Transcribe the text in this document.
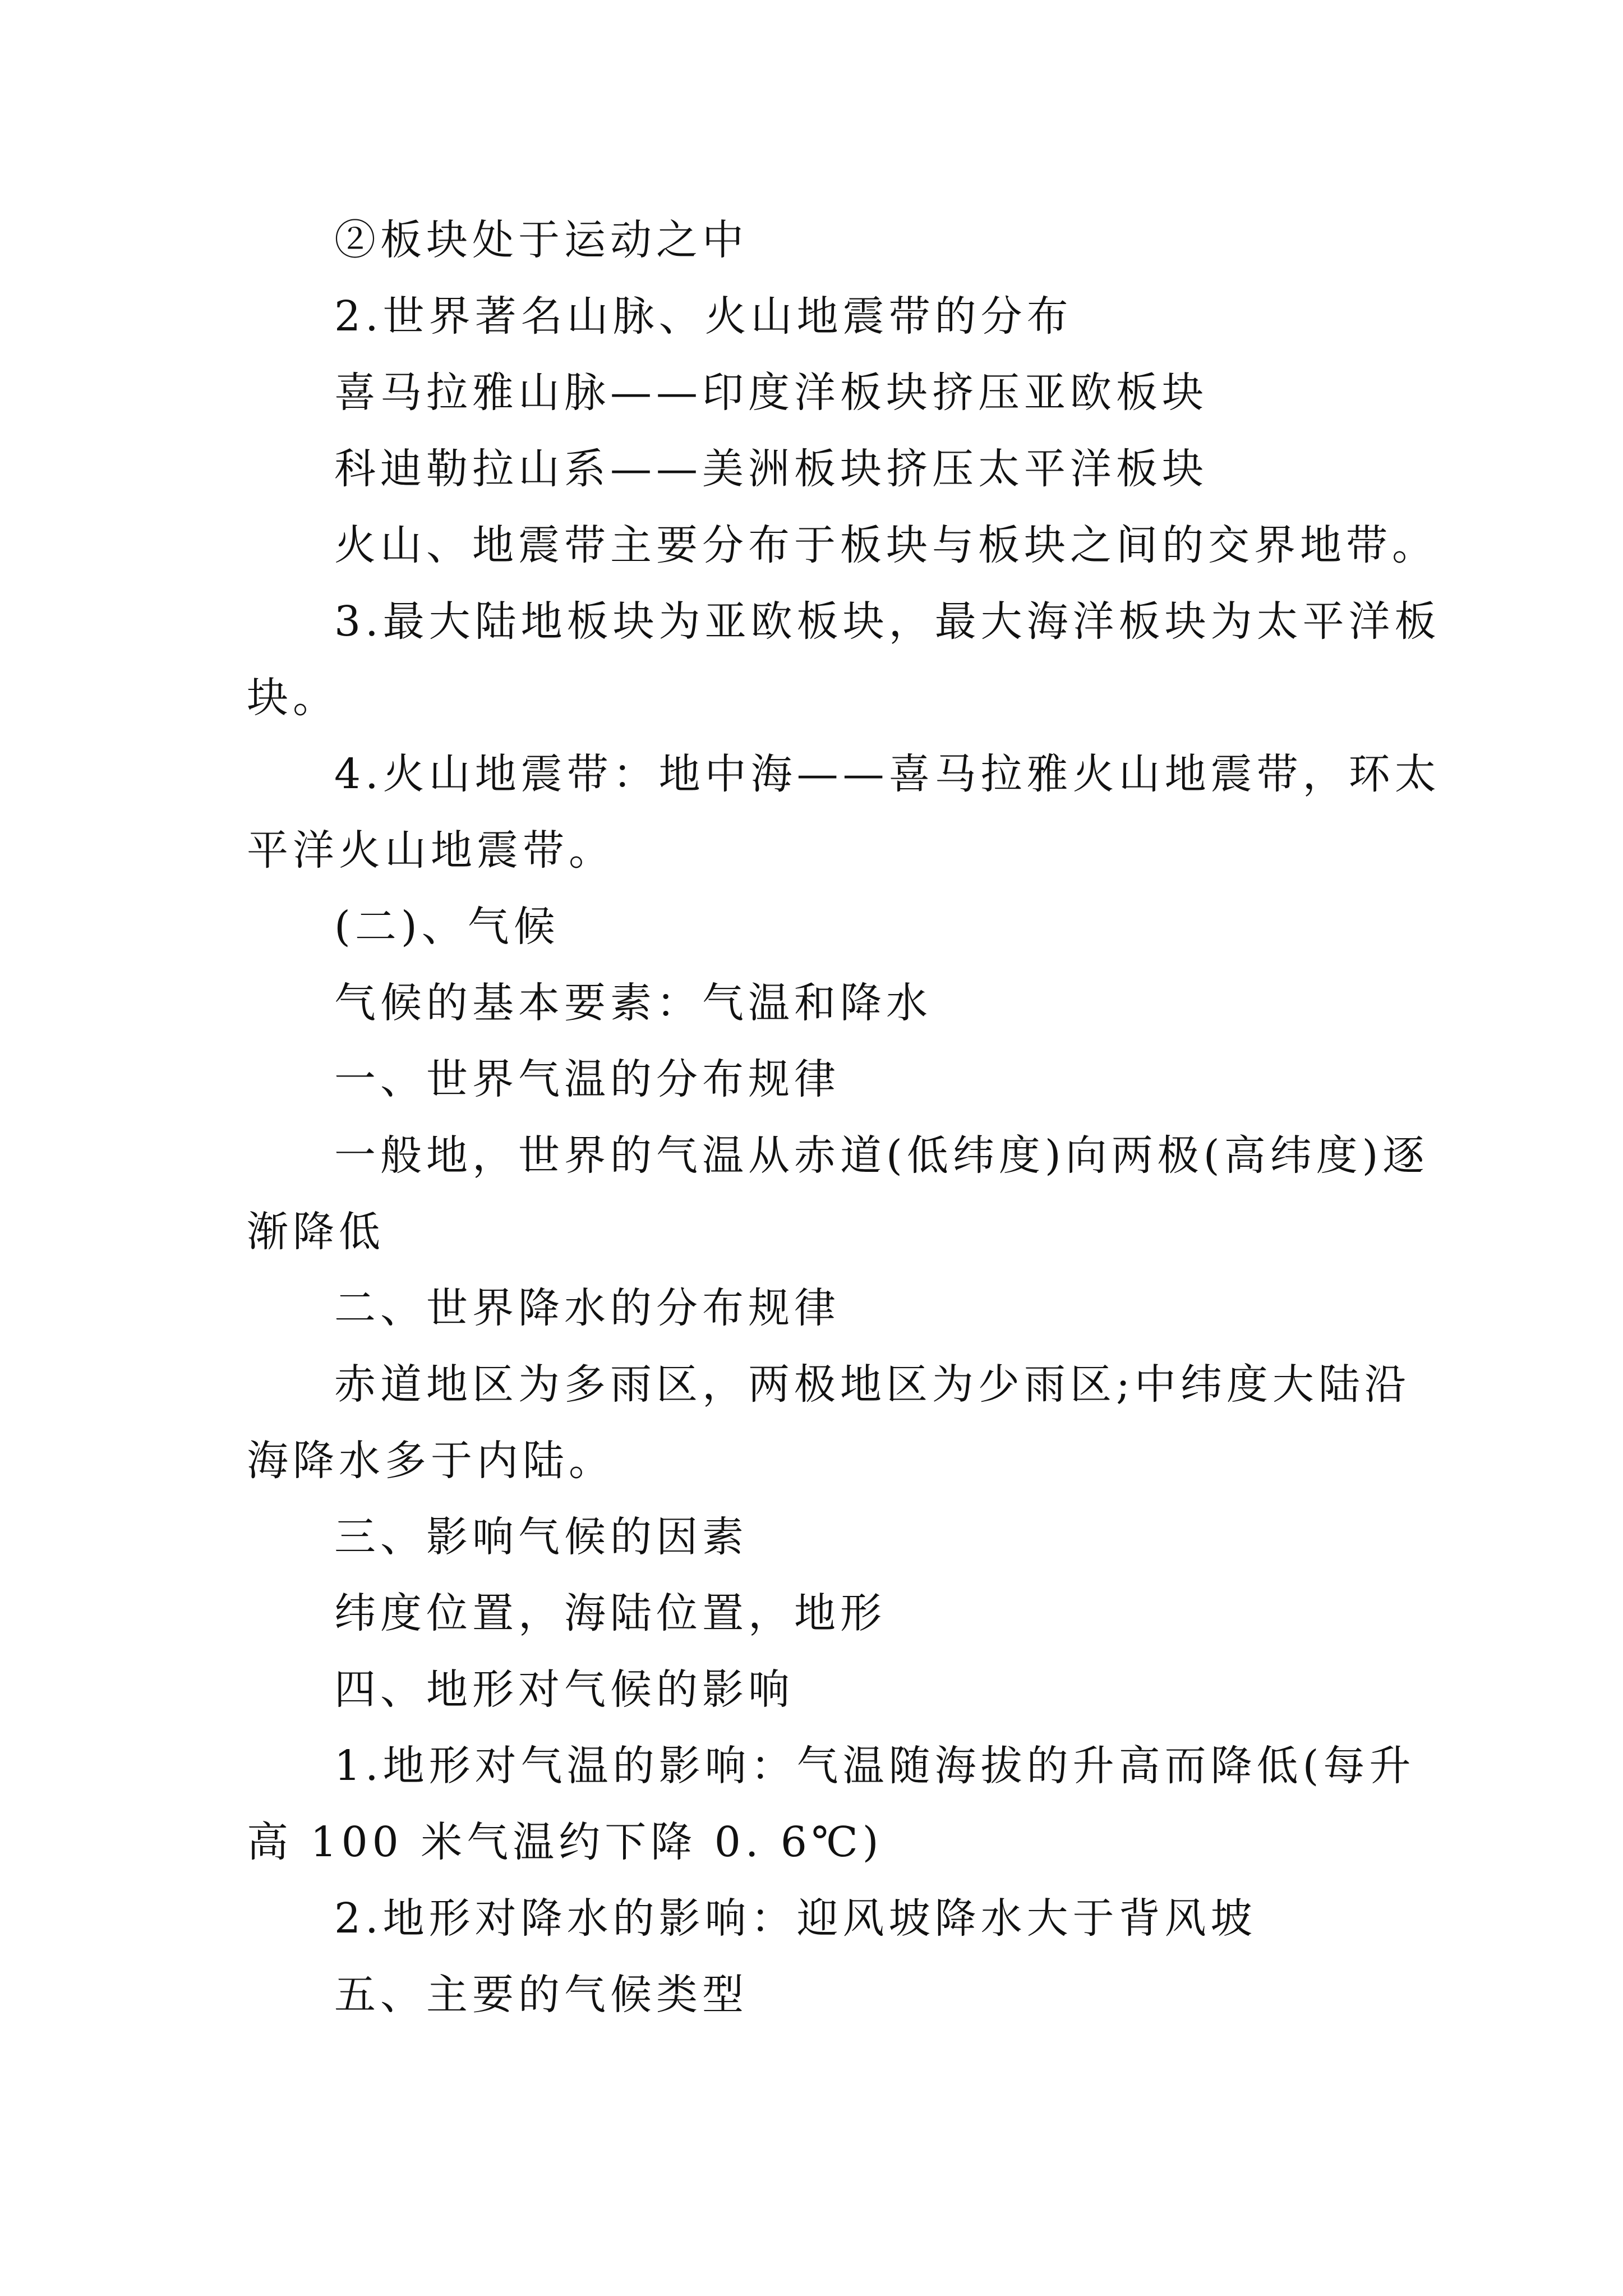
②板块处于运动之中
2.世界著名山脉、火山地震带的分布
喜马拉雅山脉——印度洋板块挤压亚欧板块
科迪勒拉山系——美洲板块挤压太平洋板块
火山、地震带主要分布于板块与板块之间的交界地带。
3.最大陆地板块为亚欧板块，最大海洋板块为太平洋板
块。
4.火山地震带：地中海——喜马拉雅火山地震带，环太
平洋火山地震带。
(二)、气候
气候的基本要素：气温和降水
一、世界气温的分布规律
一般地，世界的气温从赤道(低纬度)向两极(高纬度)逐
渐降低
二、世界降水的分布规律
赤道地区为多雨区，两极地区为少雨区;中纬度大陆沿
海降水多于内陆。
三、影响气候的因素
纬度位置，海陆位置，地形
四、地形对气候的影响
1.地形对气温的影响：气温随海拔的升高而降低(每升
高 100 米气温约下降 0. 6℃)
2.地形对降水的影响：迎风坡降水大于背风坡
五、主要的气候类型
